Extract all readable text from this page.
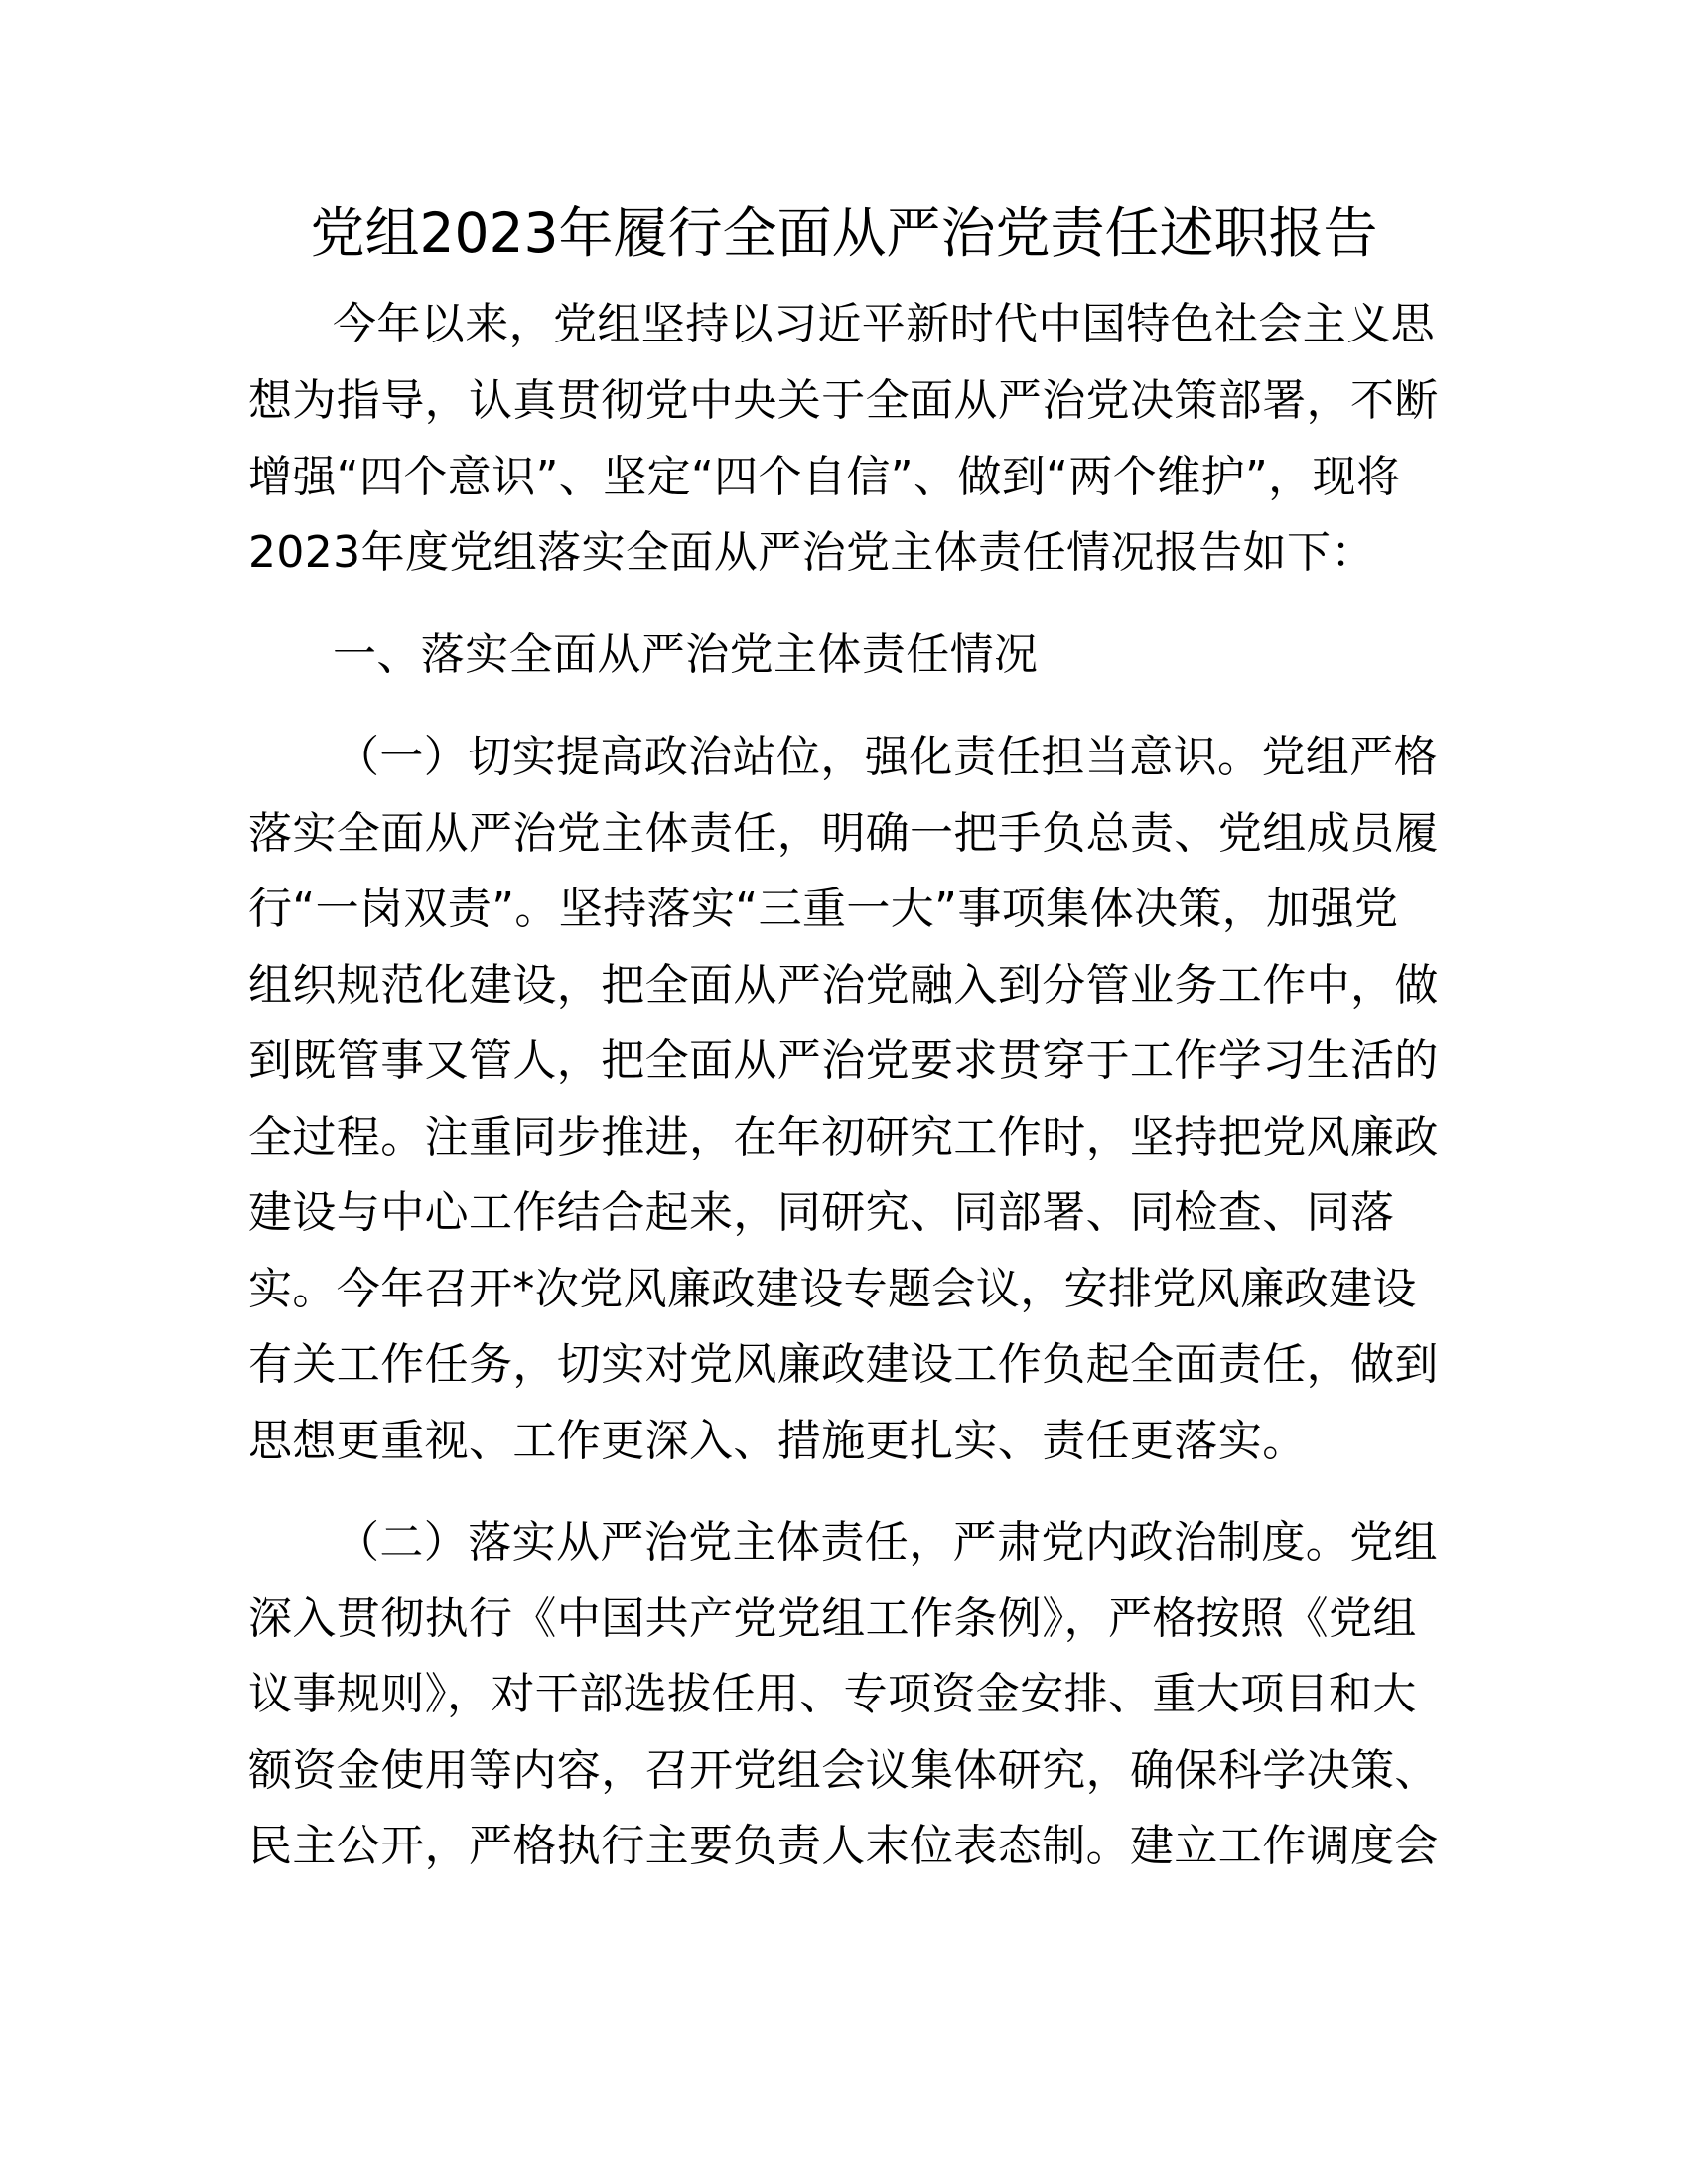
党组2023年履行全面从严治党责任述职报告

今年以来，党组坚持以习近平新时代中国特色社会主义思

想为指导，认真贯彻党中央关于全面从严治党决策部署，不断

增强“四个意识”、坚定“四个自信”、做到“两个维护”，现将

2023年度党组落实全面从严治党主体责任情况报告如下：

一、落实全面从严治党主体责任情况

（一）切实提高政治站位，强化责任担当意识。党组严格

落实全面从严治党主体责任，明确一把手负总责、党组成员履

行“一岗双责”。坚持落实“三重一大”事项集体决策，加强党

组织规范化建设，把全面从严治党融入到分管业务工作中，做

到既管事又管人，把全面从严治党要求贯穿于工作学习生活的

全过程。注重同步推进，在年初研究工作时，坚持把党风廉政

建设与中心工作结合起来，同研究、同部署、同检查、同落

实。今年召开*次党风廉政建设专题会议，安排党风廉政建设

有关工作任务，切实对党风廉政建设工作负起全面责任，做到

思想更重视、工作更深入、措施更扎实、责任更落实。

（二）落实从严治党主体责任，严肃党内政治制度。党组

深入贯彻执行《中国共产党党组工作条例》，严格按照《党组

议事规则》，对干部选拔任用、专项资金安排、重大项目和大

额资金使用等内容，召开党组会议集体研究，确保科学决策、

民主公开，严格执行主要负责人末位表态制。建立工作调度会
